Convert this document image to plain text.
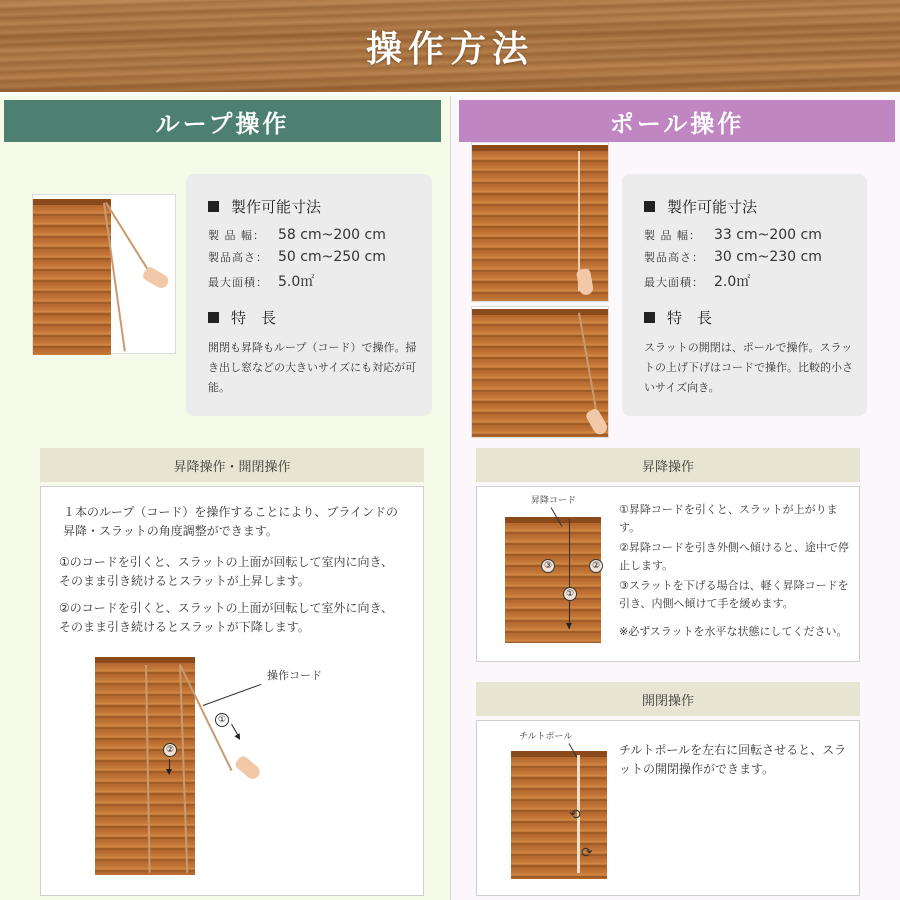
操作方法
ループ操作
製作可能寸法
製 品 幅： 58 cm~200 cm
製品高さ： 50 cm~250 cm
最大面積： 5.0㎡
特　長
開閉も昇降もループ（コード）で操作。掃き出し窓などの大きいサイズにも対応が可能。
昇降操作・開閉操作

１本のループ（コード）を操作することにより、ブラインドの昇降・スラットの角度調整ができます。

①のコードを引くと、スラットの上面が回転して室内に向き、そのまま引き続けるとスラットが上昇します。

②のコードを引くと、スラットの上面が回転して室外に向き、そのまま引き続けるとスラットが下降します。

操作コード
①
②
ポール操作
製作可能寸法
製 品 幅： 33 cm~200 cm
製品高さ： 30 cm~230 cm
最大面積： 2.0㎡
特　長
スラットの開閉は、ポールで操作。スラットの上げ下げはコードで操作。比較的小さいサイズ向き。
昇降操作
昇降コード
③	②
①

①昇降コードを引くと、スラットが上がります。

②昇降コードを引き外側へ傾けると、途中で停止します。

③スラットを下げる場合は、軽く昇降コードを引き、内側へ傾けて手を緩めます。

※必ずスラットを水平な状態にしてください。

開閉操作
チルトポール
⟲
⟳
チルトポールを左右に回転させると、スラットの開閉操作ができます。
